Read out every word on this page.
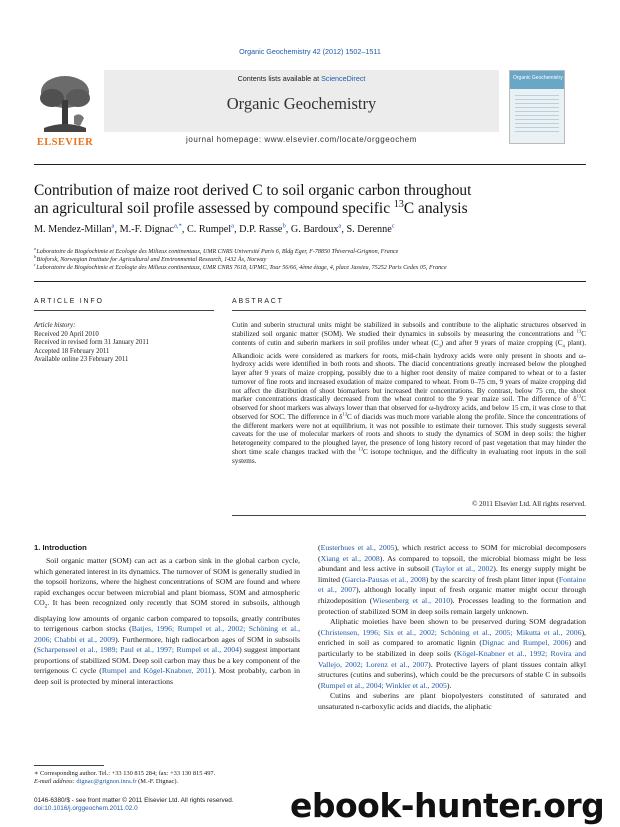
Organic Geochemistry 42 (2012) 1502–1511
ELSEVIER
Contents lists available at ScienceDirect
Organic Geochemistry
journal homepage: www.elsevier.com/locate/orggeochem
Organic Geochemistry
Contribution of maize root derived C to soil organic carbon throughout
an agricultural soil profile assessed by compound specific $^{13}$C analysis
M. Mendez-Millan$^a$, M.-F. Dignac$^{a,*}$, C. Rumpel$^a$, D.P. Rasse$^b$, G. Bardoux$^a$, S. Derenne$^c$
$^a$ Laboratoire de Biogéochimie et Ecologie des Milieux continentaux, UMR CNRS Université Paris 6, Bldg Eger, F-78850 Thiverval-Grignon, France
$^b$ Bioforsk, Norwegian Institute for Agricultural and Environmental Research, 1432 Ås, Norway
$^c$ Laboratoire de Biogéochimie et Ecologie des Milieux continentaux, UMR CNRS 7618, UPMC, Tour 56/66, 4ème étage, 4, place Jussieu, 75252 Paris Cedex 05, France
ARTICLE INFO
Article history:
Received 20 April 2010
Received in revised form 31 January 2011
Accepted 18 February 2011
Available online 23 February 2011
ABSTRACT
Cutin and suberin structural units might be stabilized in subsoils and contribute to the aliphatic structures observed in stabilized soil organic matter (SOM). We studied their dynamics in subsoils by measuring the concentrations and $^{13}$C contents of cutin and suberin markers in soil profiles under wheat $(C_3)$ and after 9 years of maize cropping ($C_4$ plant). Alkandioic acids were considered as markers for roots, mid-chain hydroxy acids were only present in shoots and ω-hydroxy acids were identified in both roots and shoots. The diacid concentrations greatly increased below the ploughed layer after 9 years of maize cropping, possibly due to a higher root density of maize compared to wheat or to a faster turnover of fine roots and increased exudation of maize compared to wheat. From 0–75 cm, 9 years of maize cropping did not affect the distribution of shoot biomarkers but increased their concentrations. By contrast, below 75 cm, the shoot marker concentrations drastically decreased from the wheat control to the 9 year maize soil. The difference of $\delta^{13}C$ observed for shoot markers was always lower than that observed for ω-hydroxy acids, and below 15 cm, it was close to that observed for SOC. The difference in $\delta^{13}C$ of diacids was much more variable along the profile. Since the concentrations of the different markers were not at equilibrium, it was not possible to estimate their turnover. This study suggests several caveats for the use of molecular markers of roots and shoots to study the dynamics of SOM in deep soils: the higher heterogeneity compared to the ploughed layer, the presence of long history record of past vegetation that may hinder the short time scale changes tracked with the $^{13}$C isotope technique, and the difficulty in evaluating root inputs in the soil systems.
© 2011 Elsevier Ltd. All rights reserved.
1. Introduction

Soil organic matter (SOM) can act as a carbon sink in the global carbon cycle, which generated interest in its dynamics. The turnover of SOM is generally studied in the topsoil horizons, where the highest concentrations of SOM are found and where rapid exchanges occur between microbial and plant biomass, SOM and atmospheric $CO_2$. It has been recognized only recently that SOM stored in subsoils, although displaying low amounts of organic carbon compared to topsoils, greatly contributes to terrigenous carbon stocks (Batjes, 1996; Rumpel et al., 2002; Schöning et al., 2006; Chabbi et al., 2009). Furthermore, high radiocarbon ages of SOM in subsoils (Scharpenseel et al., 1989; Paul et al., 1997; Rumpel et al., 2004) suggest important proportions of stabilized SOM. Deep soil carbon may thus be a key component of the terrigenous C cycle (Rumpel and Kögel-Knabner, 2011). Most probably, carbon in deep soil is protected by mineral interactions

(Eusterhues et al., 2005), which restrict access to SOM for microbial decomposers (Xiang et al., 2008). As compared to topsoil, the microbial biomass might be less abundant and less active in subsoil (Taylor et al., 2002). Its energy supply might be limited (Garcia-Pausas et al., 2008) by the scarcity of fresh plant litter input (Fontaine et al., 2007), although locally input of fresh organic matter might occur through rhizodeposition (Wiesenberg et al., 2010). Processes leading to the formation and protection of stabilized SOM in deep soils remain largely unknown.

Aliphatic moieties have been shown to be preserved during SOM degradation (Christensen, 1996; Six et al., 2002; Schöning et al., 2005; Mikutta et al., 2006), enriched in soil as compared to aromatic lignin (Dignac and Rumpel, 2006) and particularly to be stabilized in deep soils (Kögel-Knabner et al., 1992; Rovira and Vallejo, 2002; Lorenz et al., 2007). Protective layers of plant tissues contain alkyl structures (cutins and suberins), which could be the precursors of stable C in subsoils (Rumpel et al., 2004; Winkler et al., 2005).

Cutins and suberins are plant biopolyesters constituted of saturated and unsaturated n-carboxylic acids and diacids, the aliphatic

∗ Corresponding author. Tel.: +33 130 815 284; fax: +33 130 815 497.
E-mail address: dignac@grignon.inra.fr (M.-F. Dignac).
0146-6380/$ - see front matter © 2011 Elsevier Ltd. All rights reserved.
doi:10.1016/j.orggeochem.2011.02.0	ebook-hunter.org
